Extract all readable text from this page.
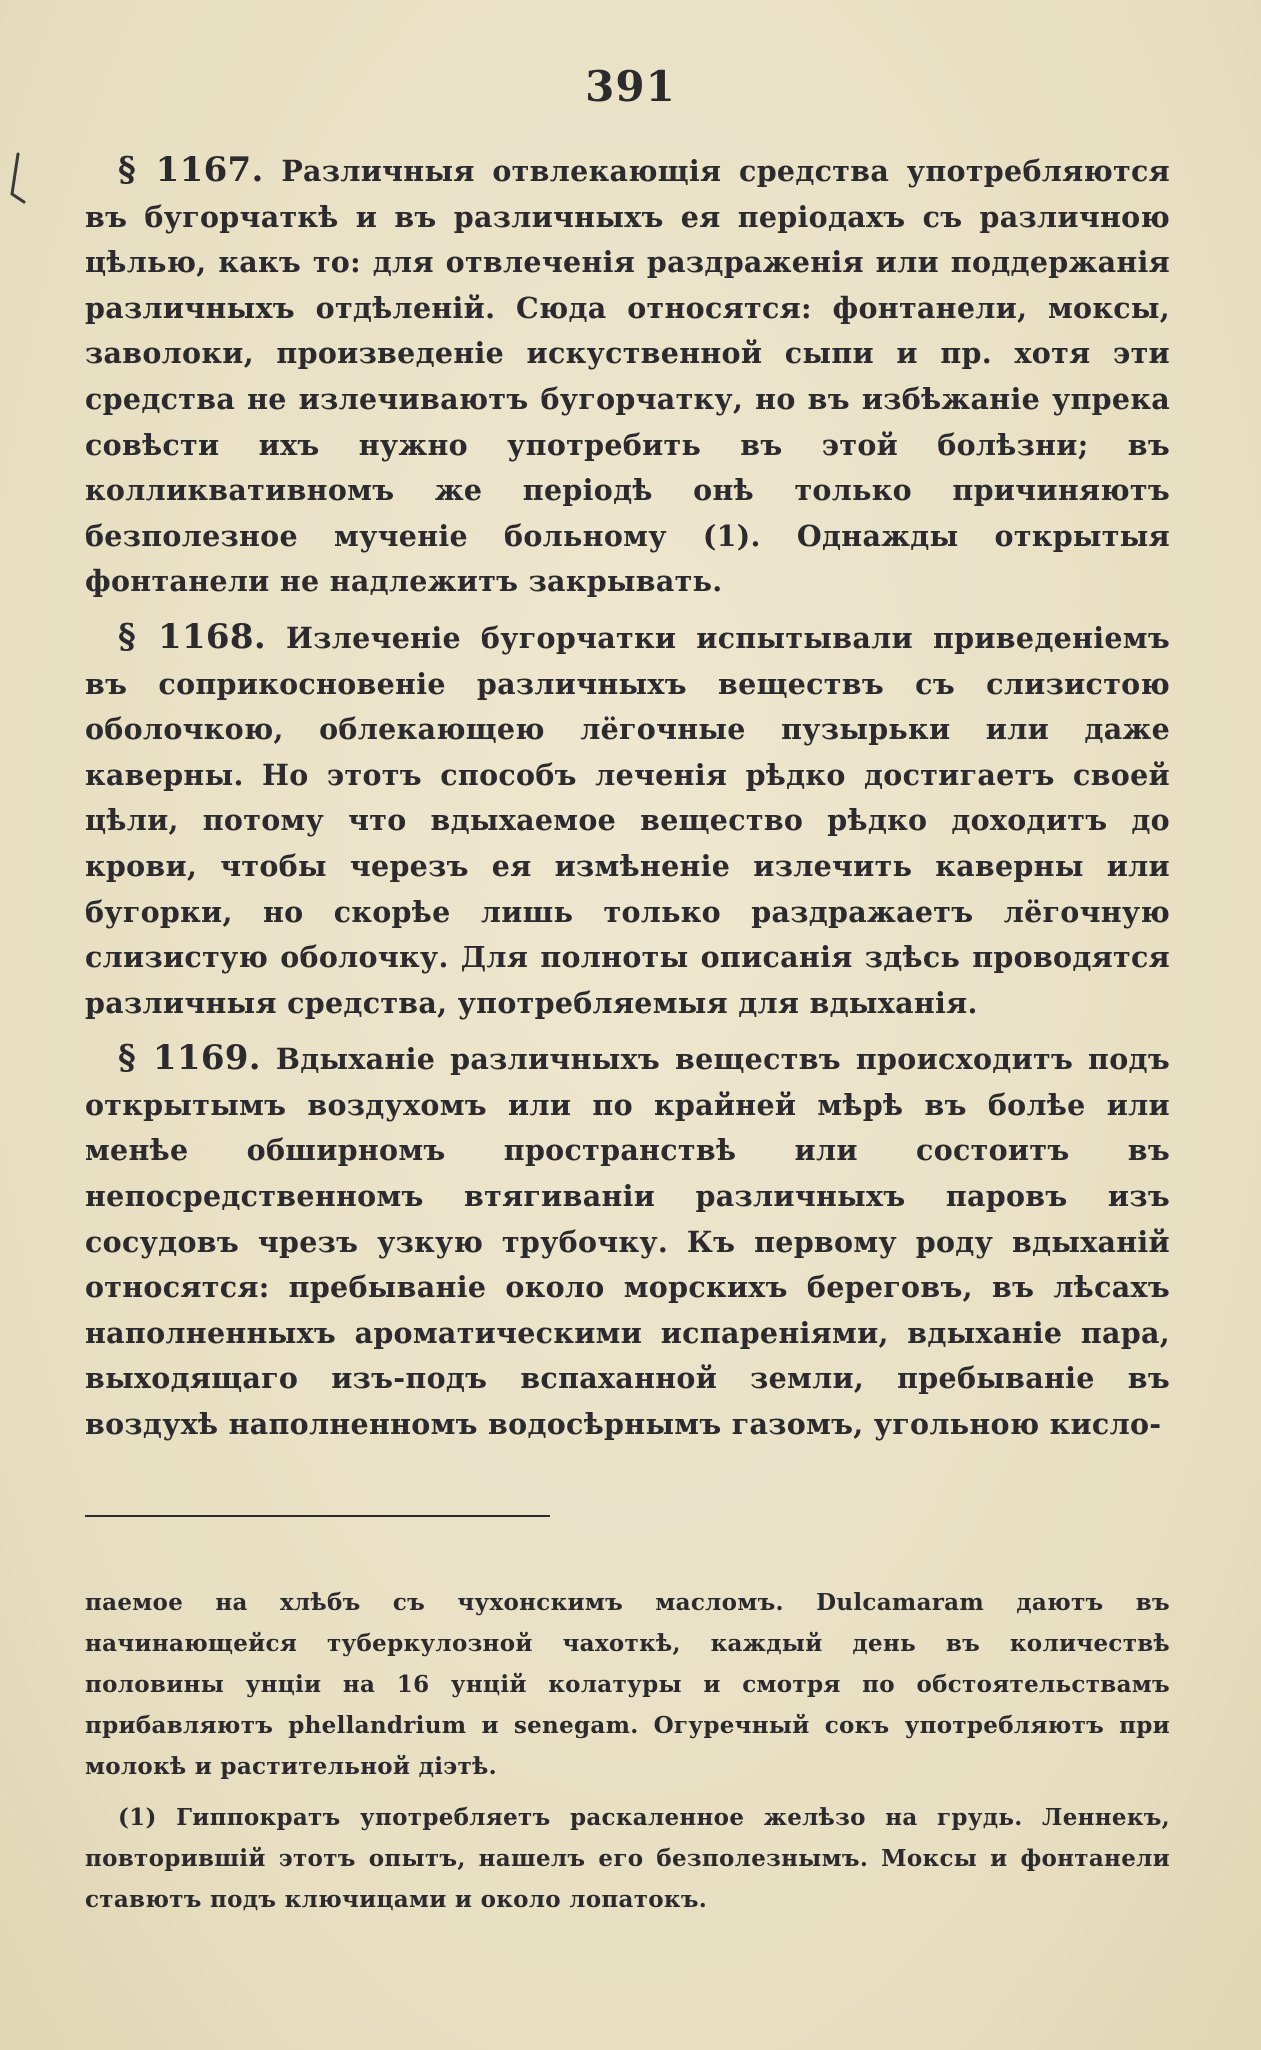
391

§ 1167. Различныя отвлекающія средства употребляются въ бугорчаткѣ и въ различныхъ ея періодахъ съ различною цѣлью, какъ то: для отвлеченія раздраженія или поддержанія различныхъ отдѣленій. Сюда относятся: фонтанели, моксы, заволоки, произведеніе искуственной сыпи и пр. хотя эти средства не излечиваютъ бугорчатку, но въ избѣжаніе упрека совѣсти ихъ нужно употребить въ этой болѣзни; въ колликвативномъ же періодѣ онѣ только причиняютъ безполезное мученіе больному (1). Однажды открытыя фонтанели не надлежитъ закрывать.

§ 1168. Излеченіе бугорчатки испытывали приведеніемъ въ соприкосновеніе различныхъ веществъ съ слизистою оболочкою, облекающею лёгочные пузырьки или даже каверны. Но этотъ способъ леченія рѣдко достигаетъ своей цѣли, потому что вдыхаемое вещество рѣдко доходитъ до крови, чтобы черезъ ея измѣненіе излечить каверны или бугорки, но скорѣе лишь только раздражаетъ лёгочную слизистую оболочку. Для полноты описанія здѣсь проводятся различныя средства, употребляемыя для вдыханія.

§ 1169. Вдыханіе различныхъ веществъ происходитъ подъ открытымъ воздухомъ или по крайней мѣрѣ въ болѣе или менѣе обширномъ пространствѣ или состоитъ въ непосредственномъ втягиваніи различныхъ паровъ изъ сосудовъ чрезъ узкую трубочку. Къ первому роду вдыханій относятся: пребываніе около морскихъ береговъ, въ лѣсахъ наполненныхъ ароматическими испареніями, вдыханіе пара, выходящаго изъ-подъ вспаханной земли, пребываніе въ воздухѣ наполненномъ водосѣрнымъ газомъ, угольною кисло-

паемое на хлѣбъ съ чухонскимъ масломъ. Dulcamaram даютъ въ начинающейся туберкулозной чахоткѣ, каждый день въ количествѣ половины унціи на 16 унцій колатуры и смотря по обстоятельствамъ прибавляютъ phellandrium и senegam. Огуречный сокъ употребляютъ при молокѣ и растительной діэтѣ.

(1) Гиппократъ употребляетъ раскаленное желѣзо на грудь. Леннекъ, повторившій этотъ опытъ, нашелъ его безполезнымъ. Моксы и фонтанели ставютъ подъ ключицами и около лопатокъ.
